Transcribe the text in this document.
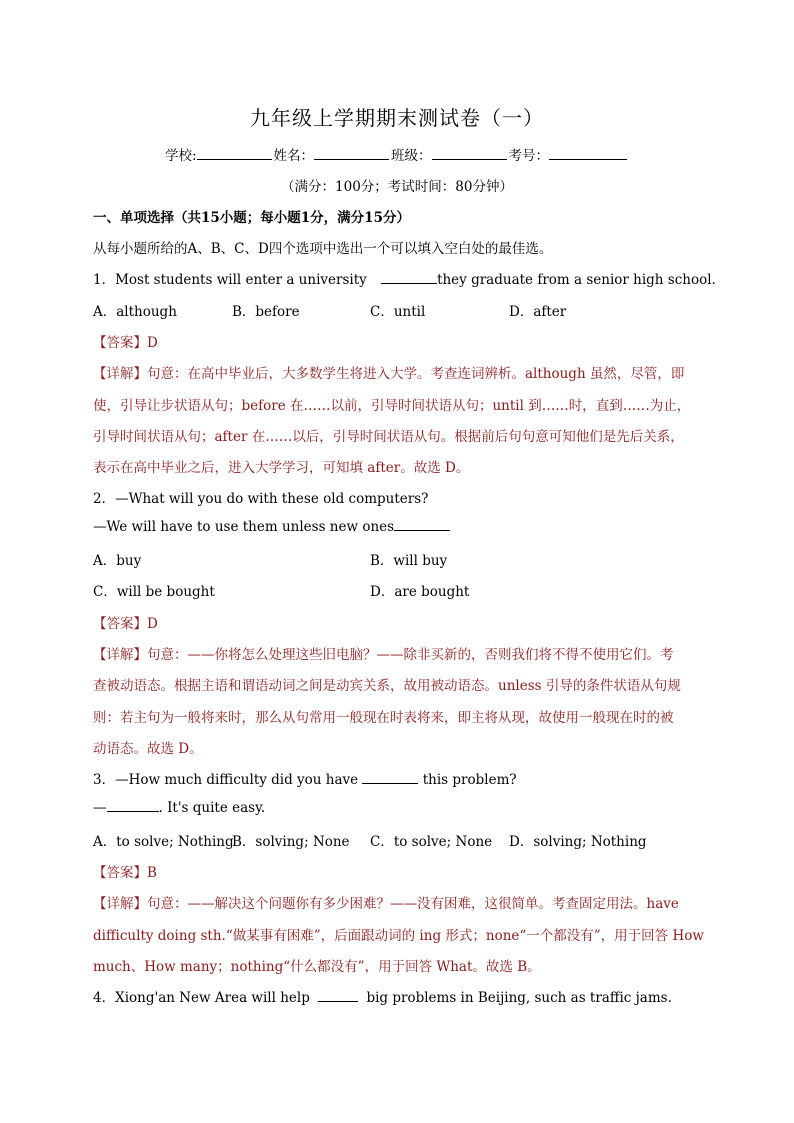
九年级上学期期末测试卷（一）
学校:	姓名：	班级：	考号：
（满分：100分；考试时间：80分钟）
一、单项选择（共15小题；每小题1分，满分15分）
从每小题所给的A、B、C、D四个选项中选出一个可以填入空白处的最佳选。
1．Most students will enter a university	they graduate from a senior high school.
A．although	B．before	C．until	D．after
【答案】D
【详解】句意：在高中毕业后，大多数学生将进入大学。考查连词辨析。although 虽然，尽管，即
使，引导让步状语从句；before 在……以前，引导时间状语从句；until 到……时，直到……为止，
引导时间状语从句；after 在……以后，引导时间状语从句。根据前后句句意可知他们是先后关系，
表示在高中毕业之后，进入大学学习，可知填 after。故选 D。
2．—What will you do with these old computers?
—We will have to use them unless new ones
A．buy	B．will buy
C．will be bought	D．are bought
【答案】D
【详解】句意：——你将怎么处理这些旧电脑？——除非买新的，否则我们将不得不使用它们。考
查被动语态。根据主语和谓语动词之间是动宾关系，故用被动语态。unless 引导的条件状语从句规
则：若主句为一般将来时，那么从句常用一般现在时表将来，即主将从现，故使用一般现在时的被
动语态。故选 D。
3．—How much difficulty did you have	this problem?
—	. It's quite easy.
A．to solve; Nothing
B．solving; None C．to solve; None D．solving; Nothing
【答案】B
【详解】句意：——解决这个问题你有多少困难？——没有困难，这很简单。考查固定用法。have
difficulty doing sth.“做某事有困难”，后面跟动词的 ing 形式；none“一个都没有”，用于回答 How
much、How many；nothing“什么都没有”，用于回答 What。故选 B。
4．Xiong'an New Area will help	big problems in Beijing, such as traffic jams.
